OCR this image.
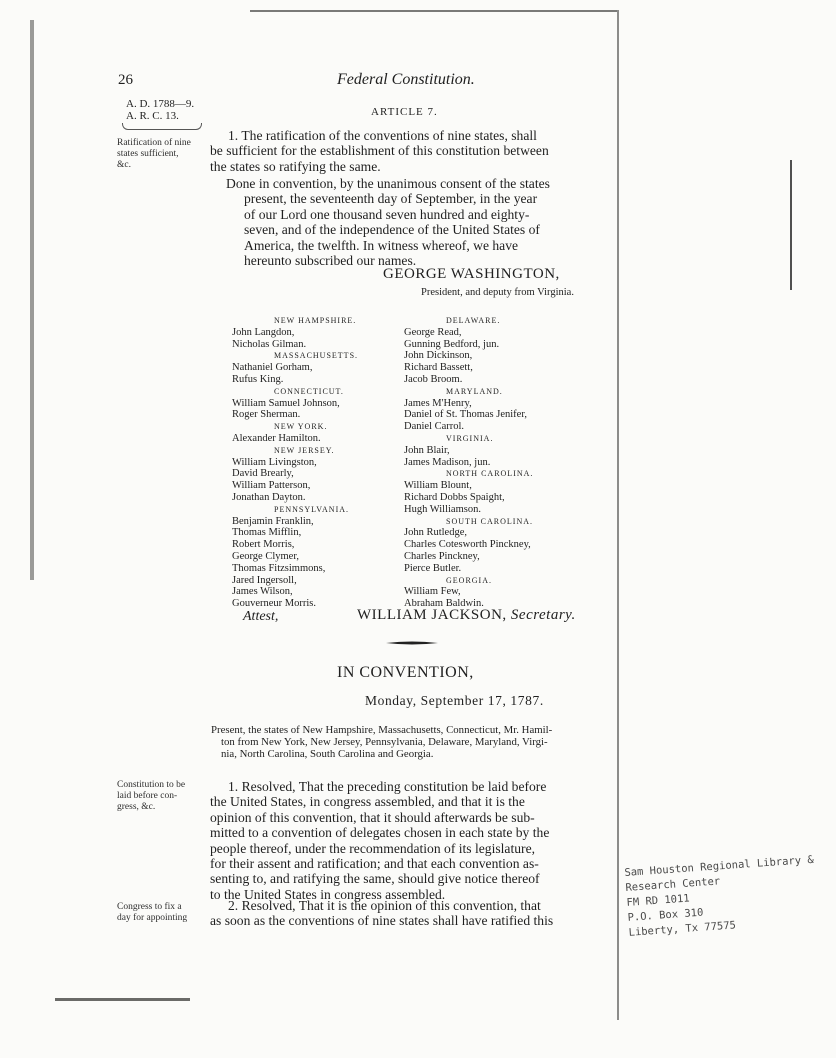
26	Federal Constitution.
A. D. 1788—9.
A. R. C. 13.	ARTICLE 7.
Ratification of nine
states sufficient,
&c.
1. The ratification of the conventions of nine states, shall
be sufficient for the establishment of this constitution between
the states so ratifying the same.
Done in convention, by the unanimous consent of the states
present, the seventeenth day of September, in the year
of our Lord one thousand seven hundred and eighty-
seven, and of the independence of the United States of
America, the twelfth. In witness whereof, we have
hereunto subscribed our names.
GEORGE WASHINGTON,
President, and deputy from Virginia.
NEW HAMPSHIRE.
John Langdon,
Nicholas Gilman.
MASSACHUSETTS.
Nathaniel Gorham,
Rufus King.
CONNECTICUT.
William Samuel Johnson,
Roger Sherman.
NEW YORK.
Alexander Hamilton.
NEW JERSEY.
William Livingston,
David Brearly,
William Patterson,
Jonathan Dayton.
PENNSYLVANIA.
Benjamin Franklin,
Thomas Mifflin,
Robert Morris,
George Clymer,
Thomas Fitzsimmons,
Jared Ingersoll,
James Wilson,
Gouverneur Morris.
DELAWARE.
George Read,
Gunning Bedford, jun.
John Dickinson,
Richard Bassett,
Jacob Broom.
MARYLAND.
James M'Henry,
Daniel of St. Thomas Jenifer,
Daniel Carrol.
VIRGINIA.
John Blair,
James Madison, jun.
NORTH CAROLINA.
William Blount,
Richard Dobbs Spaight,
Hugh Williamson.
SOUTH CAROLINA.
John Rutledge,
Charles Cotesworth Pinckney,
Charles Pinckney,
Pierce Butler.
GEORGIA.
William Few,
Abraham Baldwin.
Attest,	WILLIAM JACKSON, Secretary.
IN CONVENTION,
Monday, September 17, 1787.
Present, the states of New Hampshire, Massachusetts, Connecticut, Mr. Hamil-
ton from New York, New Jersey, Pennsylvania, Delaware, Maryland, Virgi-
nia, North Carolina, South Carolina and Georgia.
Constitution to be
laid before con-
gress, &c.
1. Resolved, That the preceding constitution be laid before
the United States, in congress assembled, and that it is the
opinion of this convention, that it should afterwards be sub-
mitted to a convention of delegates chosen in each state by the
people thereof, under the recommendation of its legislature,
for their assent and ratification; and that each convention as-
senting to, and ratifying the same, should give notice thereof
to the United States in congress assembled.
Congress to fix a
day for appointing
2. Resolved, That it is the opinion of this convention, that
as soon as the conventions of nine states shall have ratified this
Sam Houston Regional Library &
Research Center
FM RD 1011
P.O. Box 310
Liberty, Tx 77575
